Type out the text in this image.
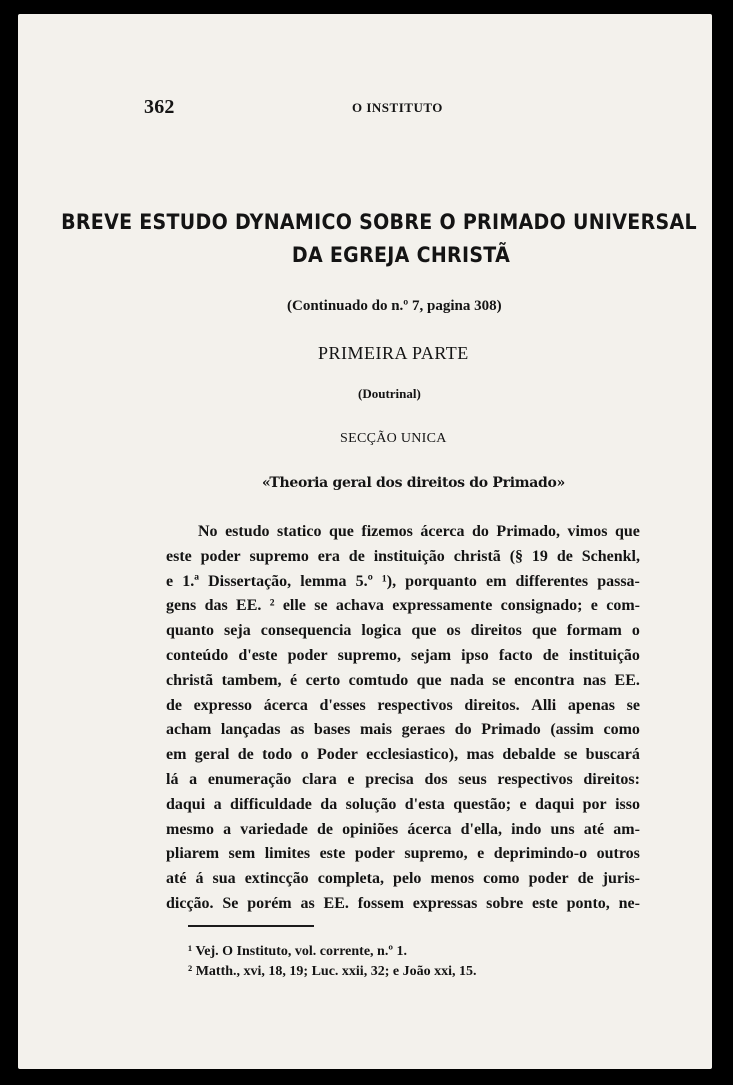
362	O INSTITUTO
BREVE ESTUDO DYNAMICO SOBRE O PRIMADO UNIVERSAL
DA EGREJA CHRISTÃ
(Continuado do n.º 7, pagina 308)
PRIMEIRA PARTE
(Doutrinal)
SECÇÃO UNICA
«Theoria geral dos direitos do Primado»
No estudo statico que fizemos ácerca do Primado, vimos que
este poder supremo era de instituição christã (§ 19 de Schenkl,
e 1.ª Dissertação, lemma 5.º ¹), porquanto em differentes passa-
gens das EE. ² elle se achava expressamente consignado; e com-
quanto seja consequencia logica que os direitos que formam o
conteúdo d'este poder supremo, sejam ipso facto de instituição
christã tambem, é certo comtudo que nada se encontra nas EE.
de expresso ácerca d'esses respectivos direitos. Alli apenas se
acham lançadas as bases mais geraes do Primado (assim como
em geral de todo o Poder ecclesiastico), mas debalde se buscará
lá a enumeração clara e precisa dos seus respectivos direitos:
daqui a difficuldade da solução d'esta questão; e daqui por isso
mesmo a variedade de opiniões ácerca d'ella, indo uns até am-
pliarem sem limites este poder supremo, e deprimindo-o outros
até á sua extincção completa, pelo menos como poder de juris-
dicção. Se porém as EE. fossem expressas sobre este ponto, ne-
¹ Vej. O Instituto, vol. corrente, n.º 1.
² Matth., xvi, 18, 19; Luc. xxii, 32; e João xxi, 15.
